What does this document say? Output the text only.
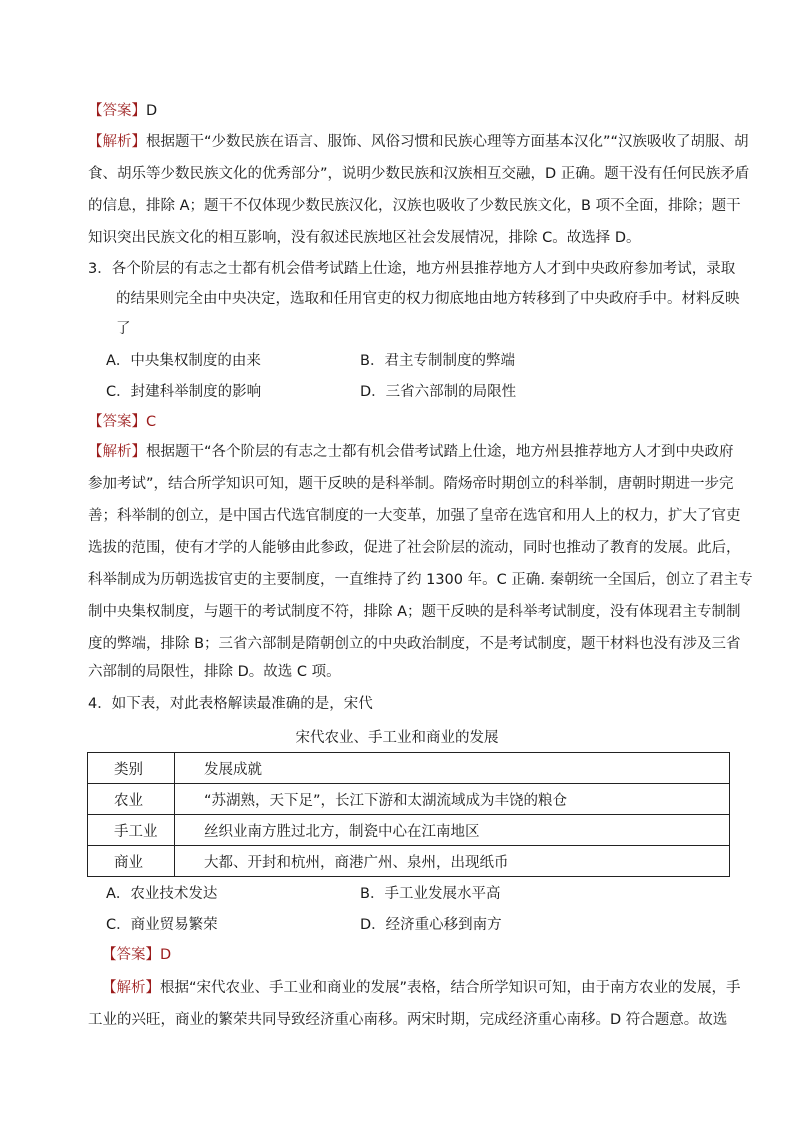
【答案】D
【解析】根据题干“少数民族在语言、服饰、风俗习惯和民族心理等方面基本汉化”“汉族吸收了胡服、胡
食、胡乐等少数民族文化的优秀部分”，说明少数民族和汉族相互交融，D 正确。题干没有任何民族矛盾
的信息，排除 A；题干不仅体现少数民族汉化，汉族也吸收了少数民族文化，B 项不全面，排除；题干
知识突出民族文化的相互影响，没有叙述民族地区社会发展情况，排除 C。故选择 D。
3．各个阶层的有志之士都有机会借考试踏上仕途，地方州县推荐地方人才到中央政府参加考试，录取
的结果则完全由中央决定，选取和任用官吏的权力彻底地由地方转移到了中央政府手中。材料反映
了
A．中央集权制度的由来	B．君主专制制度的弊端
C．封建科举制度的影响	D．三省六部制的局限性
【答案】C
【解析】根据题干“各个阶层的有志之士都有机会借考试踏上仕途，地方州县推荐地方人才到中央政府
参加考试”，结合所学知识可知，题干反映的是科举制。隋炀帝时期创立的科举制，唐朝时期进一步完
善；科举制的创立，是中国古代选官制度的一大变革，加强了皇帝在选官和用人上的权力，扩大了官吏
选拔的范围，使有才学的人能够由此参政，促进了社会阶层的流动，同时也推动了教育的发展。此后，
科举制成为历朝选拔官吏的主要制度，一直维持了约 1300 年。C 正确. 秦朝统一全国后，创立了君主专
制中央集权制度，与题干的考试制度不符，排除 A；题干反映的是科举考试制度，没有体现君主专制制
度的弊端，排除 B；三省六部制是隋朝创立的中央政治制度，不是考试制度，题干材料也没有涉及三省
六部制的局限性，排除 D。故选 C 项。
4．如下表，对此表格解读最准确的是，宋代
宋代农业、手工业和商业的发展
类别	发展成就
农业	“苏湖熟，天下足”，长江下游和太湖流域成为丰饶的粮仓
手工业	丝织业南方胜过北方，制瓷中心在江南地区
商业	大都、开封和杭州，商港广州、泉州，出现纸币
A．农业技术发达	B．手工业发展水平高
C．商业贸易繁荣	D．经济重心移到南方
【答案】D
【解析】根据“宋代农业、手工业和商业的发展”表格，结合所学知识可知，由于南方农业的发展，手
工业的兴旺，商业的繁荣共同导致经济重心南移。两宋时期，完成经济重心南移。D 符合题意。故选
